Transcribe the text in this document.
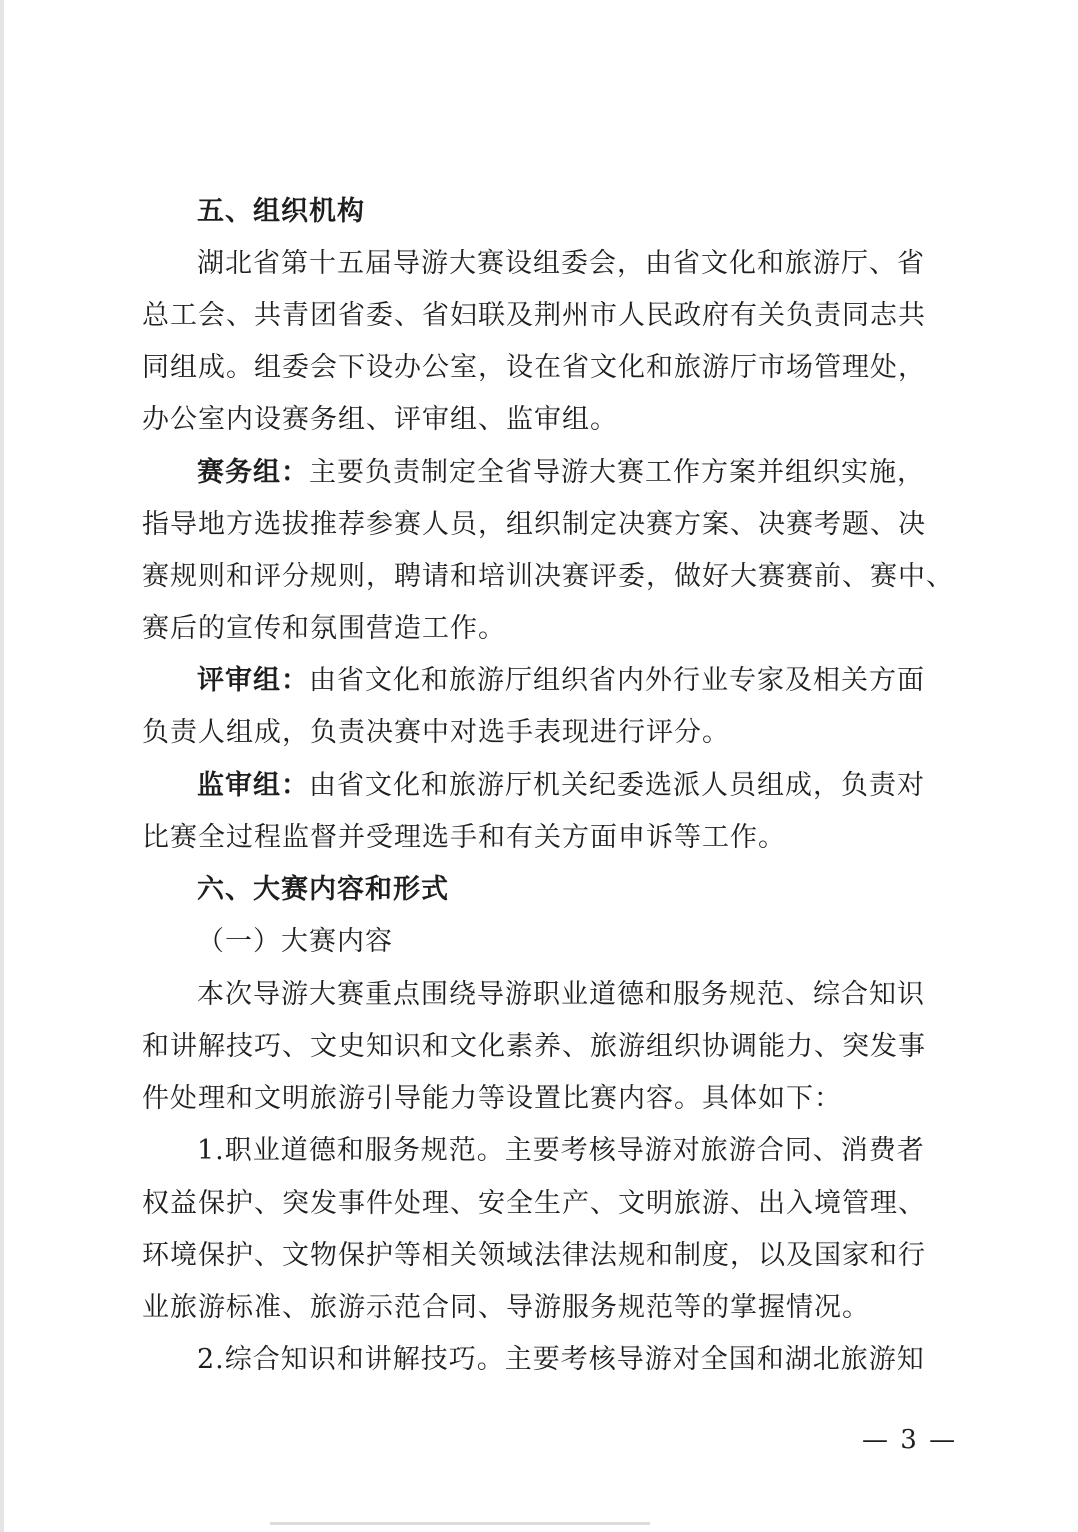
五、组织机构
湖北省第十五届导游大赛设组委会，由省文化和旅游厅、省
总工会、共青团省委、省妇联及荆州市人民政府有关负责同志共
同组成。组委会下设办公室，设在省文化和旅游厅市场管理处，
办公室内设赛务组、评审组、监审组。
赛务组：主要负责制定全省导游大赛工作方案并组织实施，
指导地方选拔推荐参赛人员，组织制定决赛方案、决赛考题、决
赛规则和评分规则，聘请和培训决赛评委，做好大赛赛前、赛中、
赛后的宣传和氛围营造工作。
评审组：由省文化和旅游厅组织省内外行业专家及相关方面
负责人组成，负责决赛中对选手表现进行评分。
监审组：由省文化和旅游厅机关纪委选派人员组成，负责对
比赛全过程监督并受理选手和有关方面申诉等工作。
六、大赛内容和形式
（一）大赛内容
本次导游大赛重点围绕导游职业道德和服务规范、综合知识
和讲解技巧、文史知识和文化素养、旅游组织协调能力、突发事
件处理和文明旅游引导能力等设置比赛内容。具体如下：
1.职业道德和服务规范。主要考核导游对旅游合同、消费者
权益保护、突发事件处理、安全生产、文明旅游、出入境管理、
环境保护、文物保护等相关领域法律法规和制度，以及国家和行
业旅游标准、旅游示范合同、导游服务规范等的掌握情况。
2.综合知识和讲解技巧。主要考核导游对全国和湖北旅游知
— 3 —
